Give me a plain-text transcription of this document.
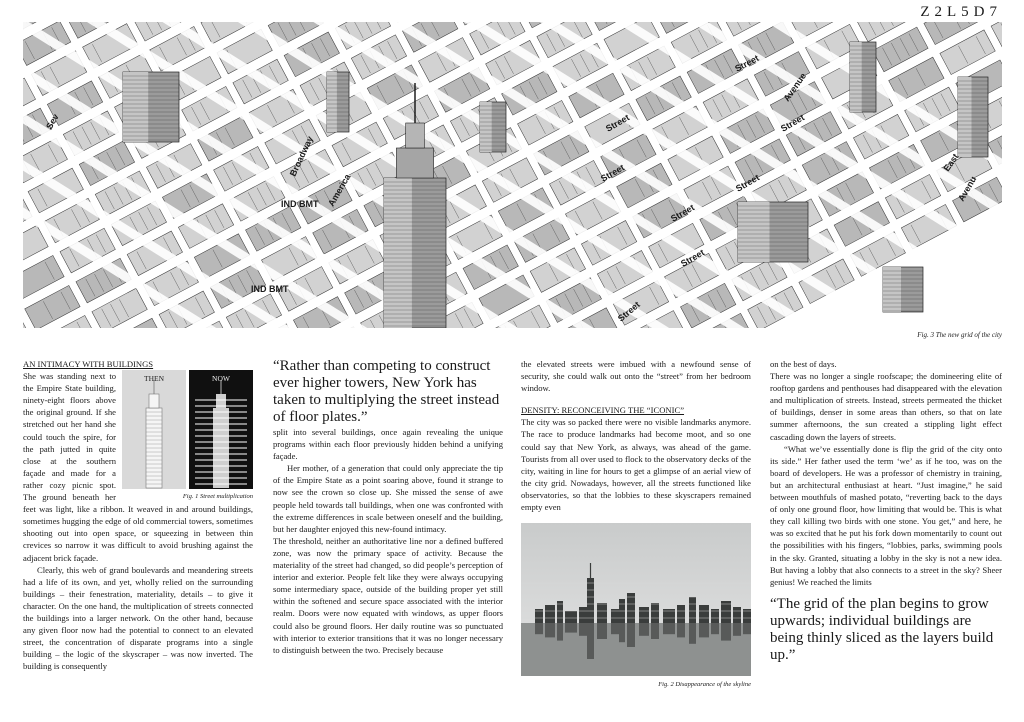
Z2L5D7
Street
Street
Avenue
Street
Street
Street
Street
Street
Street
Broadway
America
Sev
IND BMT
East
Avenu
IND BMT
Fig. 3 The new grid of the city

AN INTIMACY WITH BUILDINGS

THEN	NOW
Fig. 1 Street multiplication

She was standing next to the Empire State building, ninety-eight floors above the original ground. If she stretched out her hand she could touch the spire, for the path jutted in quite close at the southern façade and made for a rather cozy picnic spot. The ground beneath her feet was light, like a ribbon. It weaved in and around buildings, sometimes hugging the edge of old commercial towers, sometimes shooting out into open space, or squeezing in between thin crevices so narrow it was difficult to avoid brushing against the adjacent brick façade.

Clearly, this web of grand boulevards and meandering streets had a life of its own, and yet, wholly relied on the surrounding buildings – their fenestration, materiality, details – to give it character. On the one hand, the multiplication of streets connected the buildings into a larger network. On the other hand, because any given floor now had the potential to connect to an elevated street, the concentration of disparate programs into a single building – the logic of the skyscraper – was now inverted. The building is consequently

“Rather than competing to construct ever higher towers, New York has taken to multiplying the street instead of floor plates.”

split into several buildings, once again revealing the unique programs within each floor previously hidden behind a unifying façade.

Her mother, of a generation that could only appreciate the tip of the Empire State as a point soaring above, found it strange to now see the crown so close up. She missed the sense of awe people held towards tall buildings, when one was confronted with the extreme differences in scale between oneself and the building, but her daughter enjoyed this new-found intimacy.

The threshold, neither an authoritative line nor a defined buffered zone, was now the primary space of activity. Because the materiality of the street had changed, so did people’s perception of interior and exterior. People felt like they were always occupying some intermediary space, outside of the building proper yet still within the softened and secure space associated with the interior realm. Doors were now equated with windows, as upper floors could also be ground floors. Her daily routine was so punctuated with interior to exterior transitions that it was no longer necessary to distinguish between the two. Precisely because

the elevated streets were imbued with a newfound sense of security, she could walk out onto the “street” from her bedroom window.

DENSITY: RECONCEIVING THE “ICONIC”

The city was so packed there were no visible landmarks anymore. The race to produce landmarks had become moot, and so one could say that New York, as always, was ahead of the game. Tourists from all over used to flock to the observatory decks of the city, waiting in line for hours to get a glimpse of an aerial view of the city grid. Nowadays, however, all the streets functioned like observatories, so that the lobbies to these skyscrapers remained empty even

Fig. 2 Disappearance of the skyline

on the best of days.

There was no longer a single roofscape; the domineering elite of rooftop gardens and penthouses had disappeared with the elevation and multiplication of streets. Instead, streets permeated the thicket of buildings, denser in some areas than others, so that on late summer afternoons, the sun created a stippling light effect cascading down the layers of streets.

“What we’ve essentially done is flip the grid of the city onto its side.” Her father used the term ‘we’ as if he too, was on the board of developers. He was a professor of chemistry in training, but an architectural enthusiast at heart. “Just imagine,” he said between mouthfuls of mashed potato, “reverting back to the days of only one ground floor, how limiting that would be. This is what they call killing two birds with one stone. You get,” and here, he was so excited that he put his fork down momentarily to count out the possibilities with his fingers, “lobbies, parks, swimming pools in the sky. Granted, situating a lobby in the sky is not a new idea. But having a lobby that also connects to a street in the sky? Sheer genius! We reached the limits

“The grid of the plan begins to grow upwards; individual buildings are being thinly sliced as the layers build up.”
